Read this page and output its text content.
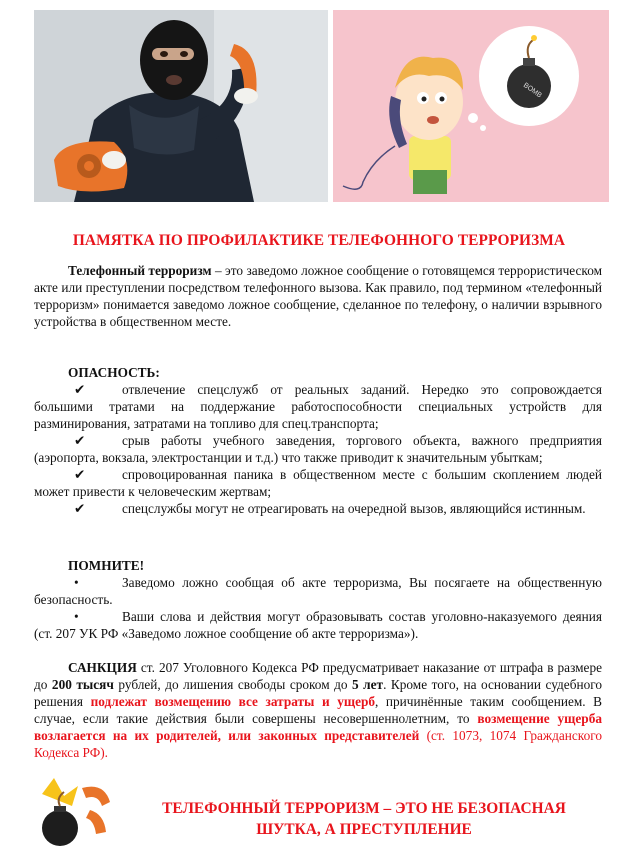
BOMB
ПАМЯТКА ПО ПРОФИЛАКТИКЕ ТЕЛЕФОННОГО ТЕРРОРИЗМА

Телефонный терроризм – это заведомо ложное сообщение о готовящемся террористическом акте или преступлении посредством телефонного вызова. Как правило, под термином «телефонный терроризм» понимается заведомо ложное сообщение, сделанное по телефону, о наличии взрывного устройства в общественном месте.

ОПАСНОСТЬ:

✔	отвлечение спецслужб от реальных заданий. Нередко это сопровождается большими тратами на поддержание работоспособности специальных устройств для разминирования, затратами на топливо для спец.транспорта;

✔	срыв работы учебного заведения, торгового объекта, важного предприятия (аэропорта, вокзала, электростанции и т.д.) что также приводит к значительным убыткам;

✔	спровоцированная паника в общественном месте с большим скоплением людей может привести к человеческим жертвам;

✔	спецслужбы могут не отреагировать на очередной вызов, являющийся истинным.

ПОМНИТЕ!

•	Заведомо ложно сообщая об акте терроризма, Вы посягаете на общественную безопасность.

•	Ваши слова и действия могут образовывать состав уголовно-наказуемого деяния (ст. 207 УК РФ «Заведомо ложное сообщение об акте терроризма»).

САНКЦИЯ ст. 207 Уголовного Кодекса РФ предусматривает наказание от штрафа в размере до 200 тысяч рублей, до лишения свободы сроком до 5 лет. Кроме того, на основании судебного решения подлежат возмещению все затраты и ущерб, причинённые таким сообщением. В случае, если такие действия были совершены несовершеннолетним, то возмещение ущерба возлагается на их родителей, или законных представителей (ст. 1073, 1074 Гражданского Кодекса РФ).

ТЕЛЕФОННЫЙ ТЕРРОРИЗМ – ЭТО НЕ БЕЗОПАСНАЯ
ШУТКА, А ПРЕСТУПЛЕНИЕ
